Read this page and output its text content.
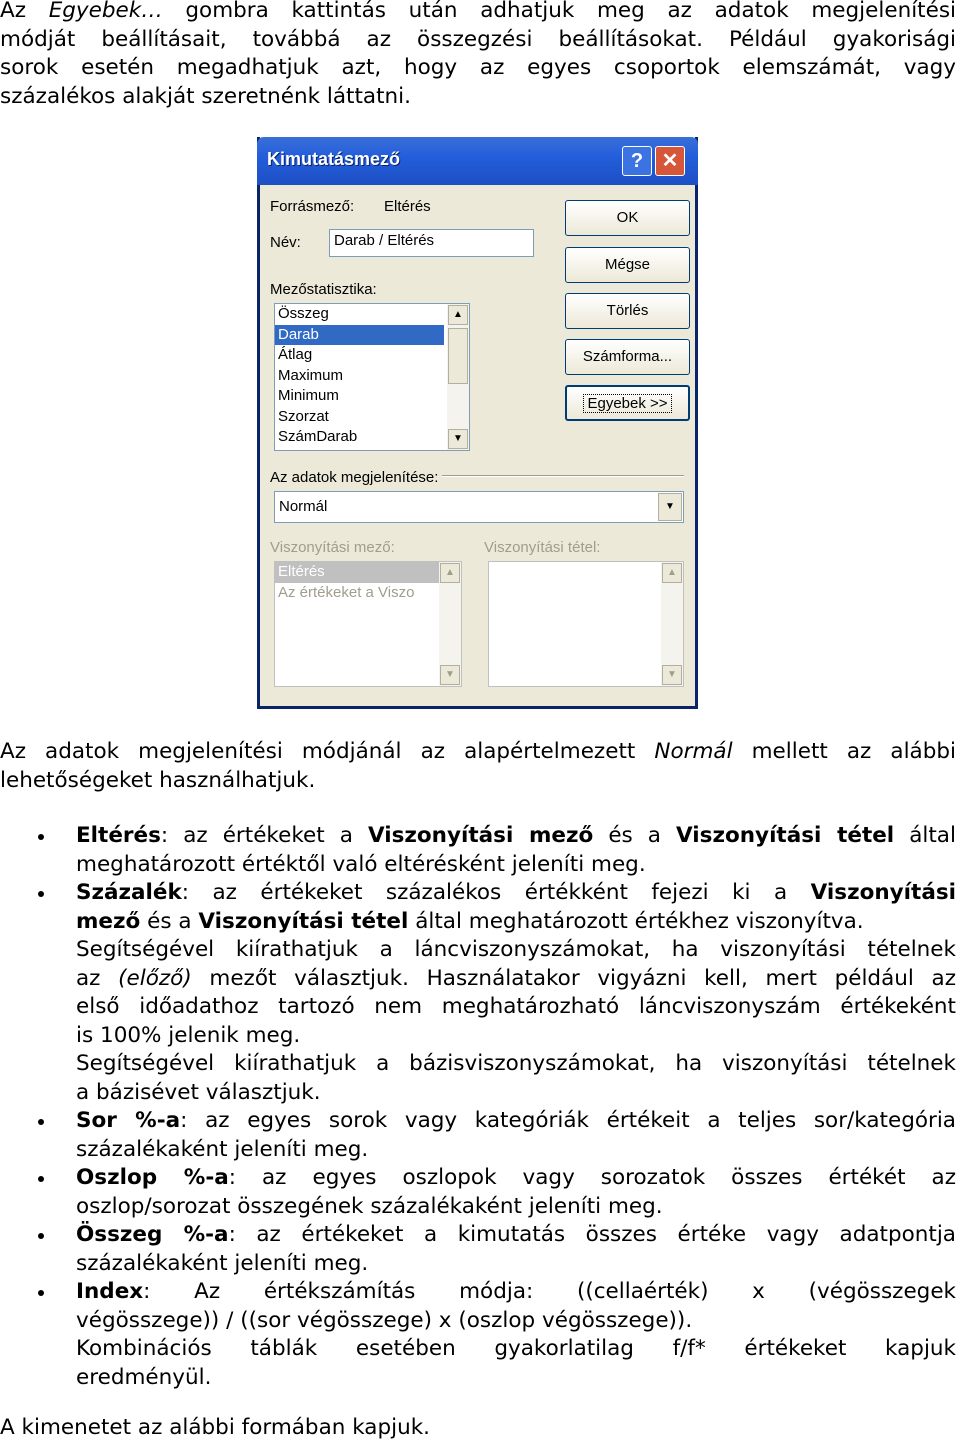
Az Egyebek… gombra kattintás után adhatjuk meg az adatok megjelenítési
módját beállításait, továbbá az összegzési beállításokat. Például gyakorisági
sorok esetén megadhatjuk azt, hogy az egyes csoportok elemszámát, vagy
százalékos alakját szeretnénk láttatni.
Kimutatásmező	? ✕
Forrásmező: Eltérés
Név:	Darab / Eltérés
Mezőstatisztika:
Összeg
Darab
Átlag
Maximum
Minimum
Szorzat
SzámDarab
▲
▼
OK
Mégse
Törlés
Számforma...
Egyebek >>
Az adatok megjelenítése:
Normál	▼
Viszonyítási mező:	Viszonyítási tétel:
Eltérés
Az értékeket a Viszo
▲
▼
▲
▼
Az adatok megjelenítési módjánál az alapértelmezett Normál mellett az alábbi
lehetőségeket használhatjuk.
Eltérés: az értékeket a Viszonyítási mező és a Viszonyítási tétel által
meghatározott értéktől való eltérésként jeleníti meg.
Százalék: az értékeket százalékos értékként fejezi ki a Viszonyítási
mező és a Viszonyítási tétel által meghatározott értékhez viszonyítva.
Segítségével kiírathatjuk a láncviszonyszámokat, ha viszonyítási tételnek
az (előző) mezőt választjuk. Használatakor vigyázni kell, mert például az
első időadathoz tartozó nem meghatározható láncviszonyszám értékeként
is 100% jelenik meg.
Segítségével kiírathatjuk a bázisviszonyszámokat, ha viszonyítási tételnek
a bázisévet választjuk.
Sor %-a: az egyes sorok vagy kategóriák értékeit a teljes sor/kategória
százalékaként jeleníti meg.
Oszlop %-a: az egyes oszlopok vagy sorozatok összes értékét az
oszlop/sorozat összegének százalékaként jeleníti meg.
Összeg %-a: az értékeket a kimutatás összes értéke vagy adatpontja
százalékaként jeleníti meg.
Index: Az értékszámítás módja: ((cellaérték) x (végösszegek
végösszege)) / ((sor végösszege) x (oszlop végösszege)).
Kombinációs táblák esetében gyakorlatilag f/f* értékeket kapjuk
eredményül.
A kimenetet az alábbi formában kapjuk.
